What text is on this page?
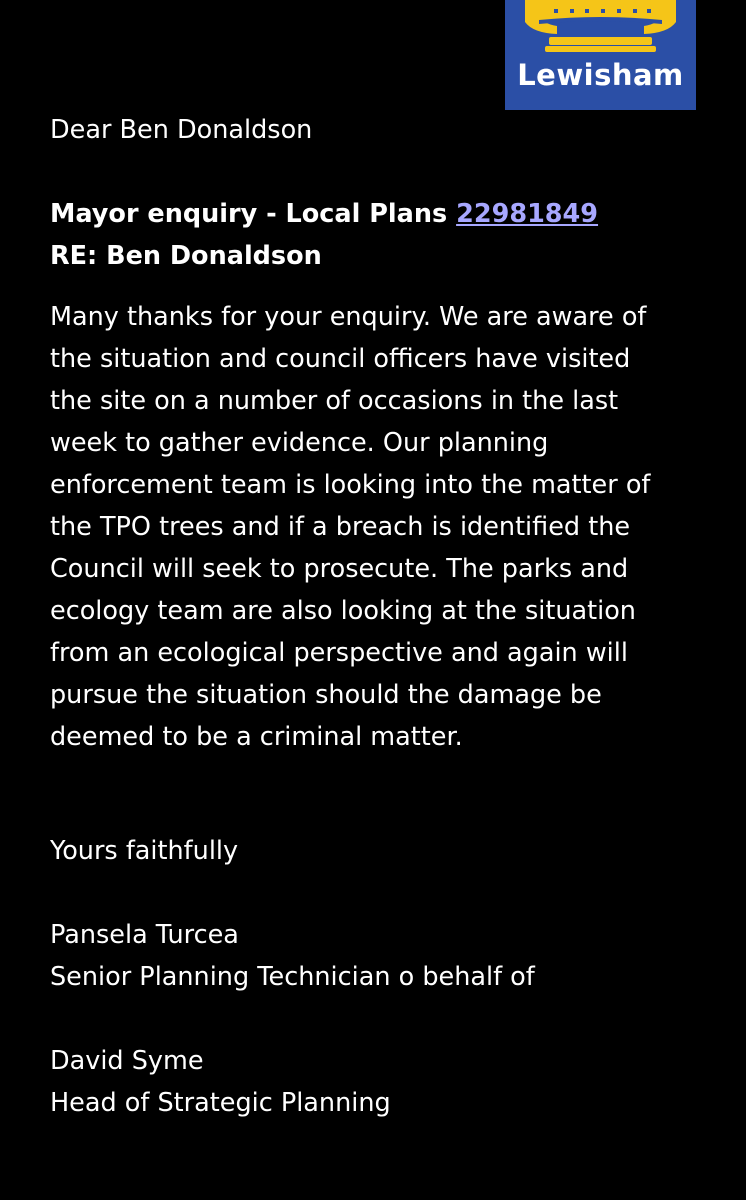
Lewisham
Dear Ben Donaldson
Mayor enquiry - Local Plans 22981849
RE: Ben Donaldson
Many thanks for your enquiry. We are aware of
the situation and council officers have visited
the site on a number of occasions in the last
week to gather evidence. Our planning
enforcement team is looking into the matter of
the TPO trees and if a breach is identified the
Council will seek to prosecute. The parks and
ecology team are also looking at the situation
from an ecological perspective and again will
pursue the situation should the damage be
deemed to be a criminal matter.
Yours faithfully
Pansela Turcea
Senior Planning Technician o behalf of
David Syme
Head of Strategic Planning
